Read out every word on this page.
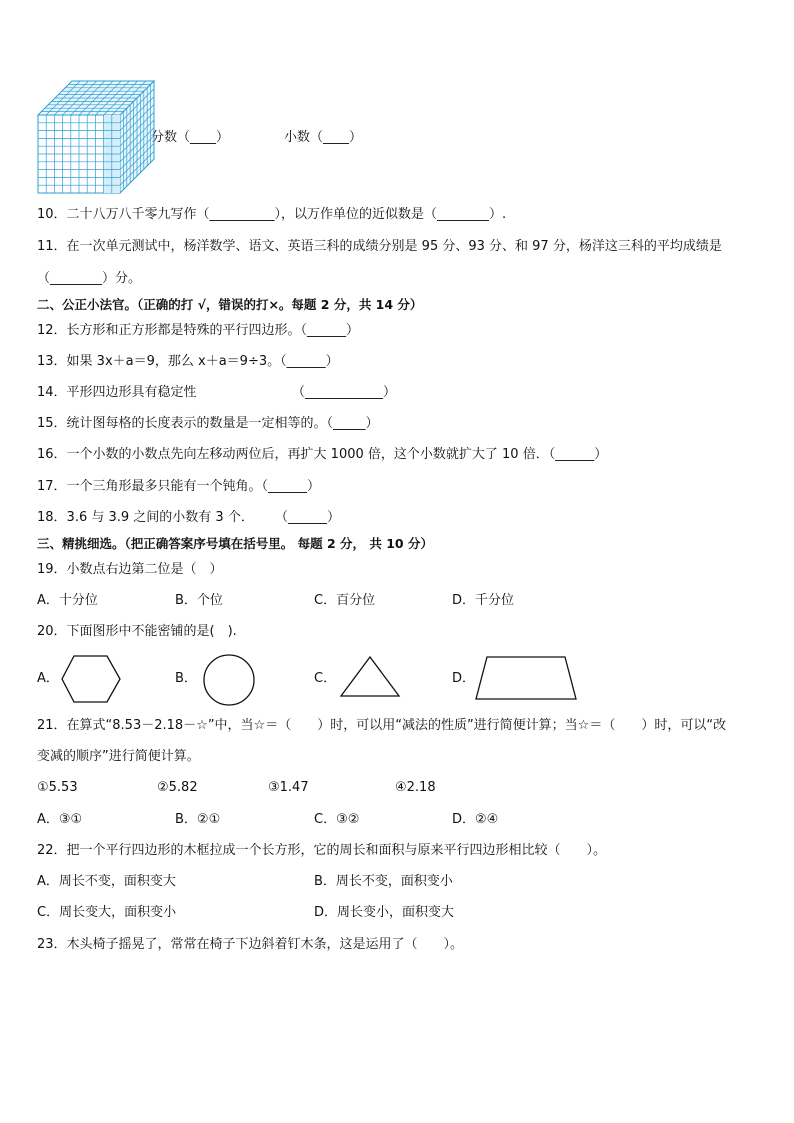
分数（____）	小数（____）
10．二十八万八千零九写作（__________），以万作单位的近似数是（________）.
11．在一次单元测试中，杨洋数学、语文、英语三科的成绩分别是 95 分、93 分、和 97 分，杨洋这三科的平均成绩是
（________）分。
二、公正小法官。（正确的打 √，错误的打×。每题 2 分，共 14 分）
12．长方形和正方形都是特殊的平行四边形。（______）
13．如果 3x＋a＝9，那么 x＋a＝9÷3。（______）
14．平形四边形具有稳定性	（____________）
15．统计图每格的长度表示的数量是一定相等的。（_____）
16．一个小数的小数点先向左移动两位后，再扩大 1000 倍，这个小数就扩大了 10 倍．（______）
17．一个三角形最多只能有一个钝角。（______）
18．3.6 与 3.9 之间的小数有 3 个． （______）
三、精挑细选。（把正确答案序号填在括号里。 每题 2 分， 共 10 分）
19．小数点右边第二位是（　）
A．十分位	B．个位	C．百分位	D．千分位
20．下面图形中不能密铺的是(　).
A．	B．	C．	D．
21．在算式“8.53－2.18－☆”中，当☆＝（　　）时，可以用“减法的性质”进行简便计算；当☆＝（　　）时，可以“改
变减的顺序”进行简便计算。
①5.53	②5.82	③1.47	④2.18
A．③①	B．②①	C．③②	D．②④
22．把一个平行四边形的木框拉成一个长方形，它的周长和面积与原来平行四边形相比较（　　）。
A．周长不变，面积变大	B．周长不变，面积变小
C．周长变大，面积变小	D．周长变小，面积变大
23．木头椅子摇晃了，常常在椅子下边斜着钉木条，这是运用了（　　）。
